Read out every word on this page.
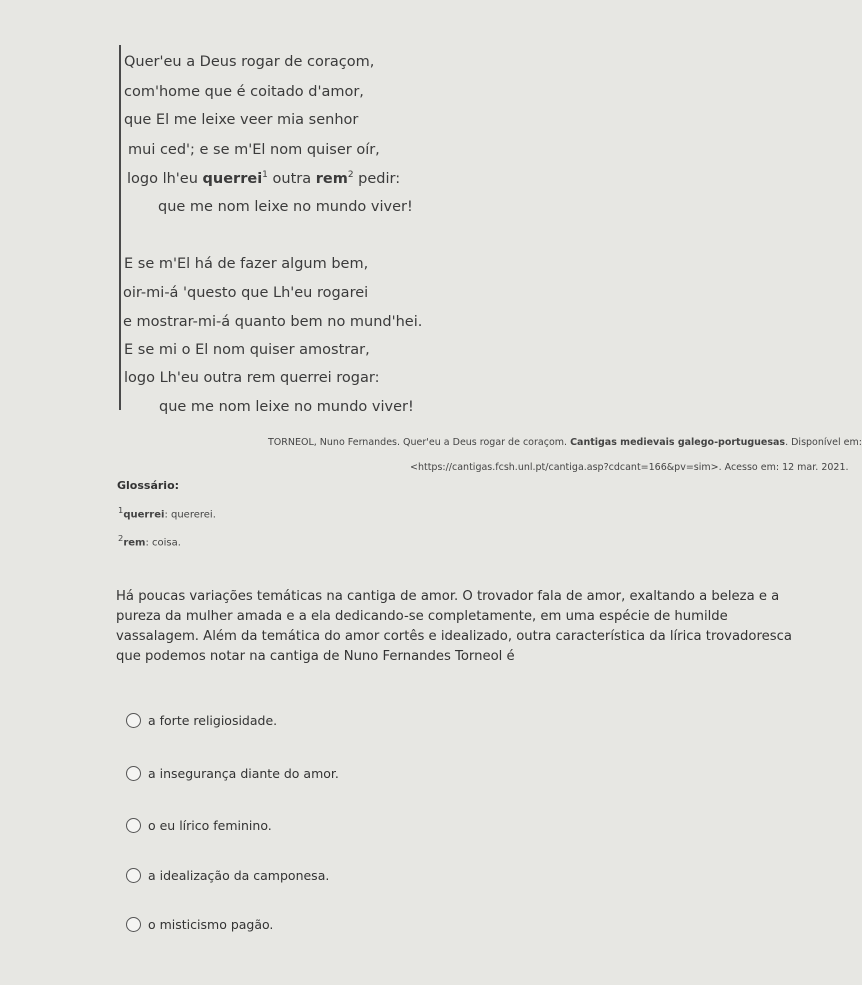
Quer'eu a Deus rogar de coraçom,
com'home que é coitado d'amor,
que El me leixe veer mia senhor
mui ced'; e se m'El nom quiser oír,
logo lh'eu querrei$^1$ outra rem$^2$ pedir:
que me nom leixe no mundo viver!
E se m'El há de fazer algum bem,
oir-mi-á 'questo que Lh'eu rogarei
e mostrar-mi-á quanto bem no mund'hei.
E se mi o El nom quiser amostrar,
logo Lh'eu outra rem querrei rogar:
que me nom leixe no mundo viver!
TORNEOL, Nuno Fernandes. Quer'eu a Deus rogar de coraçom. Cantigas medievais galego-portuguesas. Disponível em:
<https://cantigas.fcsh.unl.pt/cantiga.asp?cdcant=166&pv=sim>. Acesso em: 12 mar. 2021.
Glossário:
$^1$querrei: quererei.
$^2$rem: coisa.
Há poucas variações temáticas na cantiga de amor. O trovador fala de amor, exaltando a beleza e a pureza da mulher amada e a ela dedicando-se completamente, em uma espécie de humilde vassalagem. Além da temática do amor cortês e idealizado, outra característica da lírica trovadoresca que podemos notar na cantiga de Nuno Fernandes Torneol é
a forte religiosidade.
a insegurança diante do amor.
o eu lírico feminino.
a idealização da camponesa.
o misticismo pagão.
